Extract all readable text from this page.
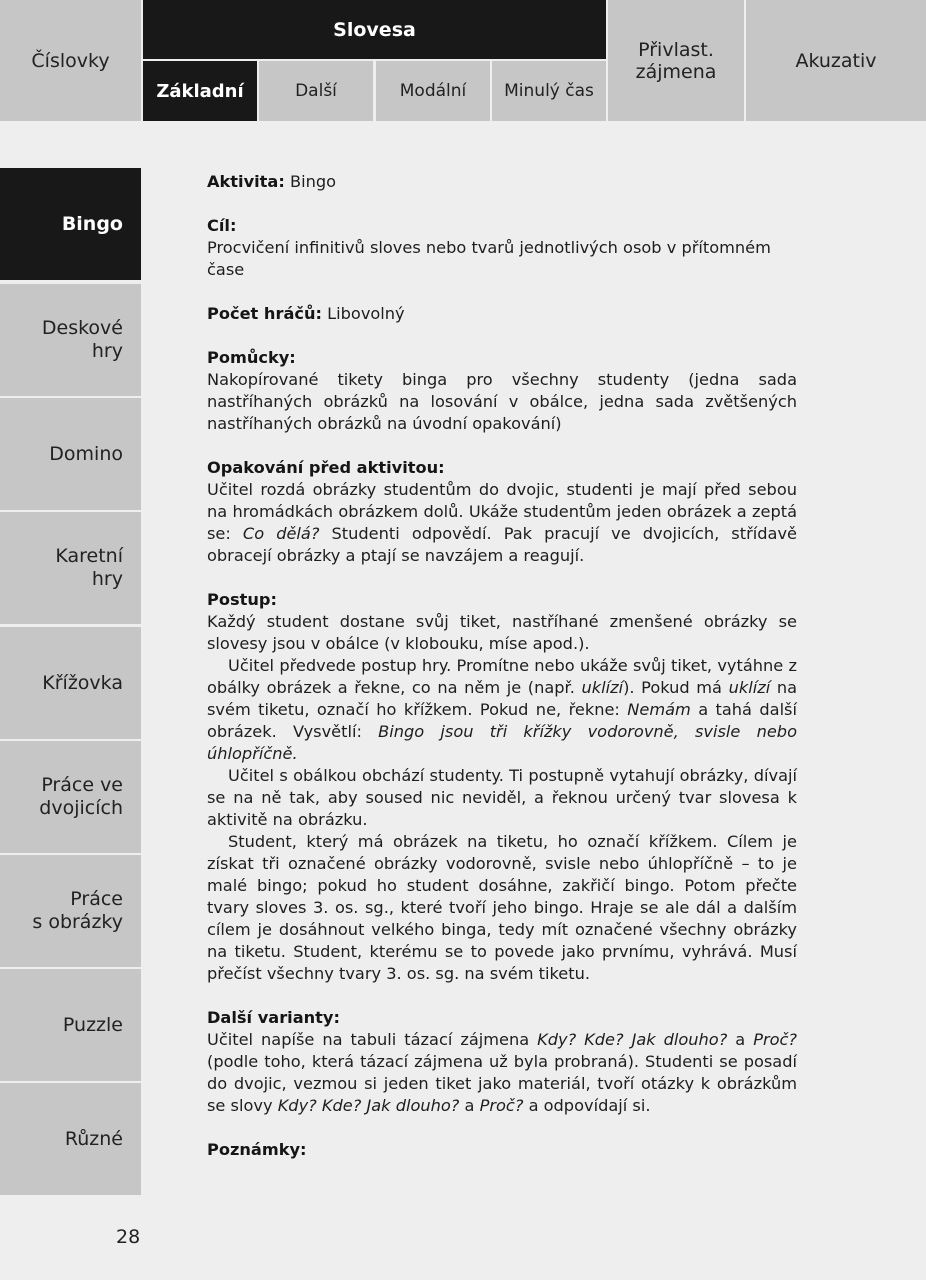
Číslovky
Slovesa
Základní	Další	Modální Minulý čas
Přivlast.
zájmena	Akuzativ
Bingo
Deskové
hry
Domino
Karetní
hry
Křížovka
Práce ve
dvojicích
Práce
s obrázky
Puzzle
Různé
Aktivita: Bingo
Cíl:

Procvičení infinitivů sloves nebo tvarů jednotlivých osob v přítomném čase

Počet hráčů: Libovolný
Pomůcky:

Nakopírované tikety binga pro všechny studenty (jedna sada nastříhaných obrázků na losování v obálce, jedna sada zvětšených nastříhaných obrázků na úvodní opakování)

Opakování před aktivitou:

Učitel rozdá obrázky studentům do dvojic, studenti je mají před sebou na hromádkách obrázkem dolů. Ukáže studentům jeden obrázek a zeptá se: Co dělá? Studenti odpovědí. Pak pracují ve dvojicích, střídavě obracejí obrázky a ptají se navzájem a reagují.

Postup:

Každý student dostane svůj tiket, nastříhané zmenšené obrázky se slovesy jsou v obálce (v klobouku, míse apod.).

Učitel předvede postup hry. Promítne nebo ukáže svůj tiket, vytáhne z obálky obrázek a řekne, co na něm je (např. uklízí). Pokud má uklízí na svém tiketu, označí ho křížkem. Pokud ne, řekne: Nemám a tahá další obrázek. Vysvětlí: Bingo jsou tři křížky vodorovně, svisle nebo úhlopříčně.

Učitel s obálkou obchází studenty. Ti postupně vytahují obrázky, dívají se na ně tak, aby soused nic neviděl, a řeknou určený tvar slovesa k aktivitě na obrázku.

Student, který má obrázek na tiketu, ho označí křížkem. Cílem je získat tři označené obrázky vodorovně, svisle nebo úhlopříčně – to je malé bingo; pokud ho student dosáhne, zakřičí bingo. Potom přečte tvary sloves 3. os. sg., které tvoří jeho bingo. Hraje se ale dál a dalším cílem je dosáhnout velkého binga, tedy mít označené všechny obrázky na tiketu. Student, kterému se to povede jako prvnímu, vyhrává. Musí přečíst všechny tvary 3. os. sg. na svém tiketu.

Další varianty:

Učitel napíše na tabuli tázací zájmena Kdy? Kde? Jak dlouho? a Proč? (podle toho, která tázací zájmena už byla probraná). Studenti se posadí do dvojic, vezmou si jeden tiket jako materiál, tvoří otázky k obrázkům se slovy Kdy? Kde? Jak dlouho? a Proč? a odpovídají si.

Poznámky:
28
